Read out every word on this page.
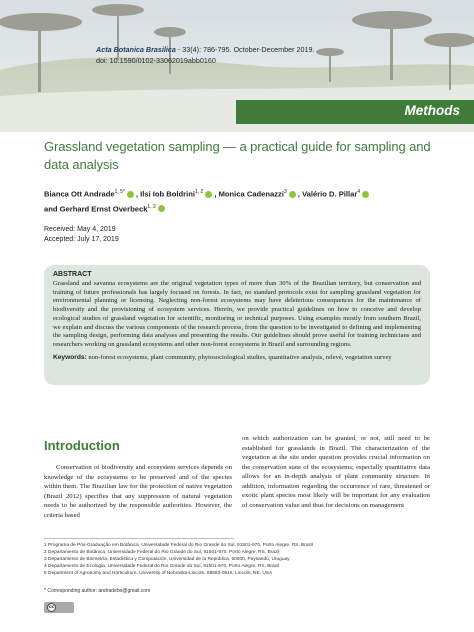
Acta Botanica Brasilica - 33(4): 786-795. October-December 2019.
doi: 10.1590/0102-33062019abb0160
Methods
Grassland vegetation sampling — a practical guide for sampling and data analysis
Bianca Ott Andrade$^{1, 5*}$ , Ilsi Iob Boldrini$^{1, 2}$ , Monica Cadenazzi$^3$ , Valério D. Pillar$^4$
and Gerhard Ernst Overbeck$^{1, 2}$
Received: May 4, 2019
Accepted: July 17, 2019
ABSTRACT

Grassland and savanna ecosystems are the original vegetation types of more than 30% of the Brazilian territory, but conservation and training of future professionals has largely focused on forests. In fact, no standard protocols exist for sampling grassland vegetation for environmental planning or licensing. Neglecting non-forest ecosystems may have deleterious consequences for the maintenance of biodiversity and the provisioning of ecosystem services. Herein, we provide practical guidelines on how to conceive and develop ecological studies of grassland vegetation for scientific, monitoring or technical purposes. Using examples mostly from southern Brazil, we explain and discuss the various components of the research process, from the question to be investigated to defining and implementing the sampling design, performing data analyses and presenting the results. Our guidelines should prove useful for training technicians and researchers working on grassland ecosystems and other non-forest ecosystems in Brazil and surrounding regions.

Keywords: non-forest ecosystems, plant community, phytosociological studies, quantitative analysis, relevé, vegetation survey

Introduction

Conservation of biodiversity and ecosystem services depends on knowledge of the ecosystems to be preserved and of the species within them. The Brazilian law for the protection of native vegetation (Brazil 2012) specifies that any suppression of natural vegetation needs to be authorized by the responsible authorities. However, the criteria based

on which authorization can be granted, or not, still need to be established for grasslands in Brazil. The characterization of the vegetation at the site under question provides crucial information on the conservation state of the ecosystems; especially quantitative data allows for an in-depth analysis of plant community structure. In addition, information regarding the occurrence of rare, threatened or exotic plant species most likely will be important for any evaluation of conservation value and thus for decisions on management

1 Programa de Pós-Graduação em Botânica, Universidade Federal do Rio Grande do Sul, 91501-970, Porto Alegre, RS, Brazil
2 Departamento de Botânica, Universidade Federal do Rio Grande do Sul, 91501-970, Porto Alegre, RS, Brazil
3 Departamento de Biometría, Estadística y Computación, Universidad de la República, 60000, Paysandú, Uruguay
4 Departamento de Ecologia, Universidade Federal do Rio Grande do Sul, 91501-970, Porto Alegre, RS, Brazil
5 Department of Agronomy and Horticulture, University of Nebraska-Lincoln, 68583-0915, Lincoln, NE, USA
* Corresponding author: andradebo@gmail.com
cc
